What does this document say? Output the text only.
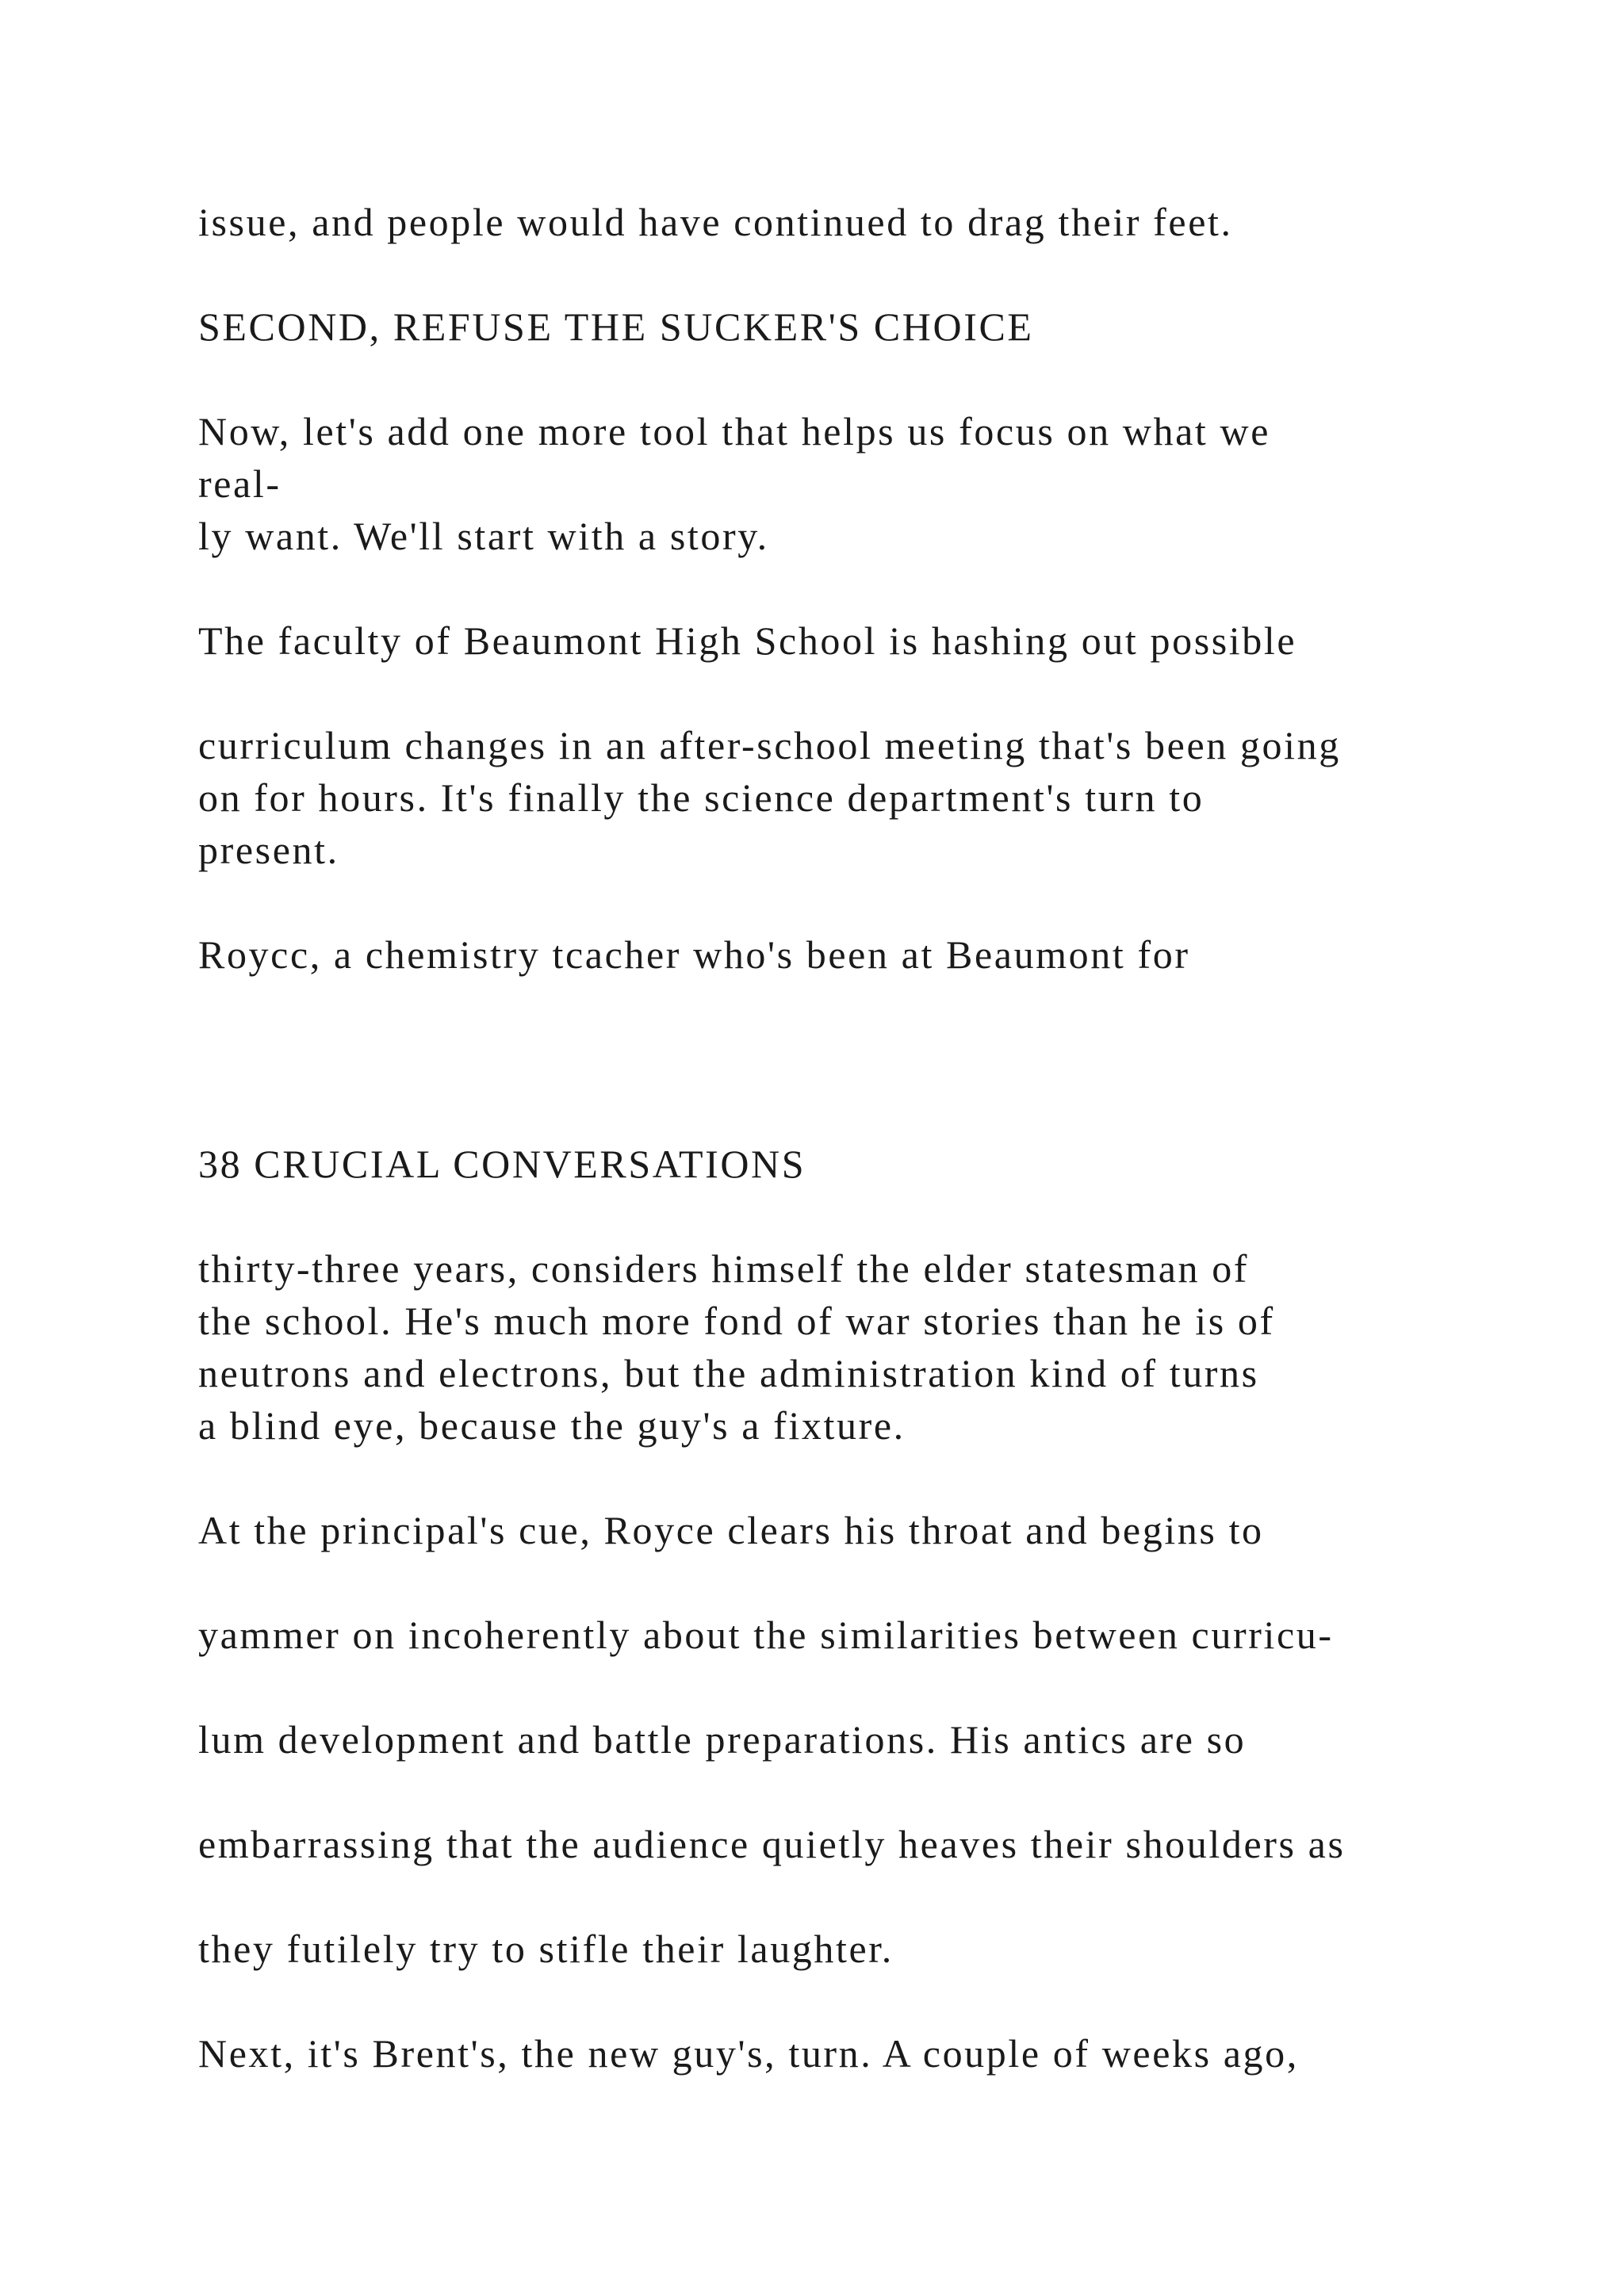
issue, and people would have continued to drag their feet.

SECOND, REFUSE THE SUCKER'S CHOICE

Now, let's add one more tool that helps us focus on what we

real-

ly want. We'll start with a story.

The faculty of Beaumont High School is hashing out possible

curriculum changes in an after-school meeting that's been going

on for hours. It's finally the science department's turn to

present.

Roycc, a chemistry tcacher who's been at Beaumont for

38 CRUCIAL CONVERSATIONS

thirty-three years, considers himself the elder statesman of

the school. He's much more fond of war stories than he is of

neutrons and electrons, but the administration kind of turns

a blind eye, because the guy's a fixture.

At the principal's cue, Royce clears his throat and begins to

yammer on incoherently about the similarities between curricu-

lum development and battle preparations. His antics are so

embarrassing that the audience quietly heaves their shoulders as

they futilely try to stifle their laughter.

Next, it's Brent's, the new guy's, turn. A couple of weeks ago,
